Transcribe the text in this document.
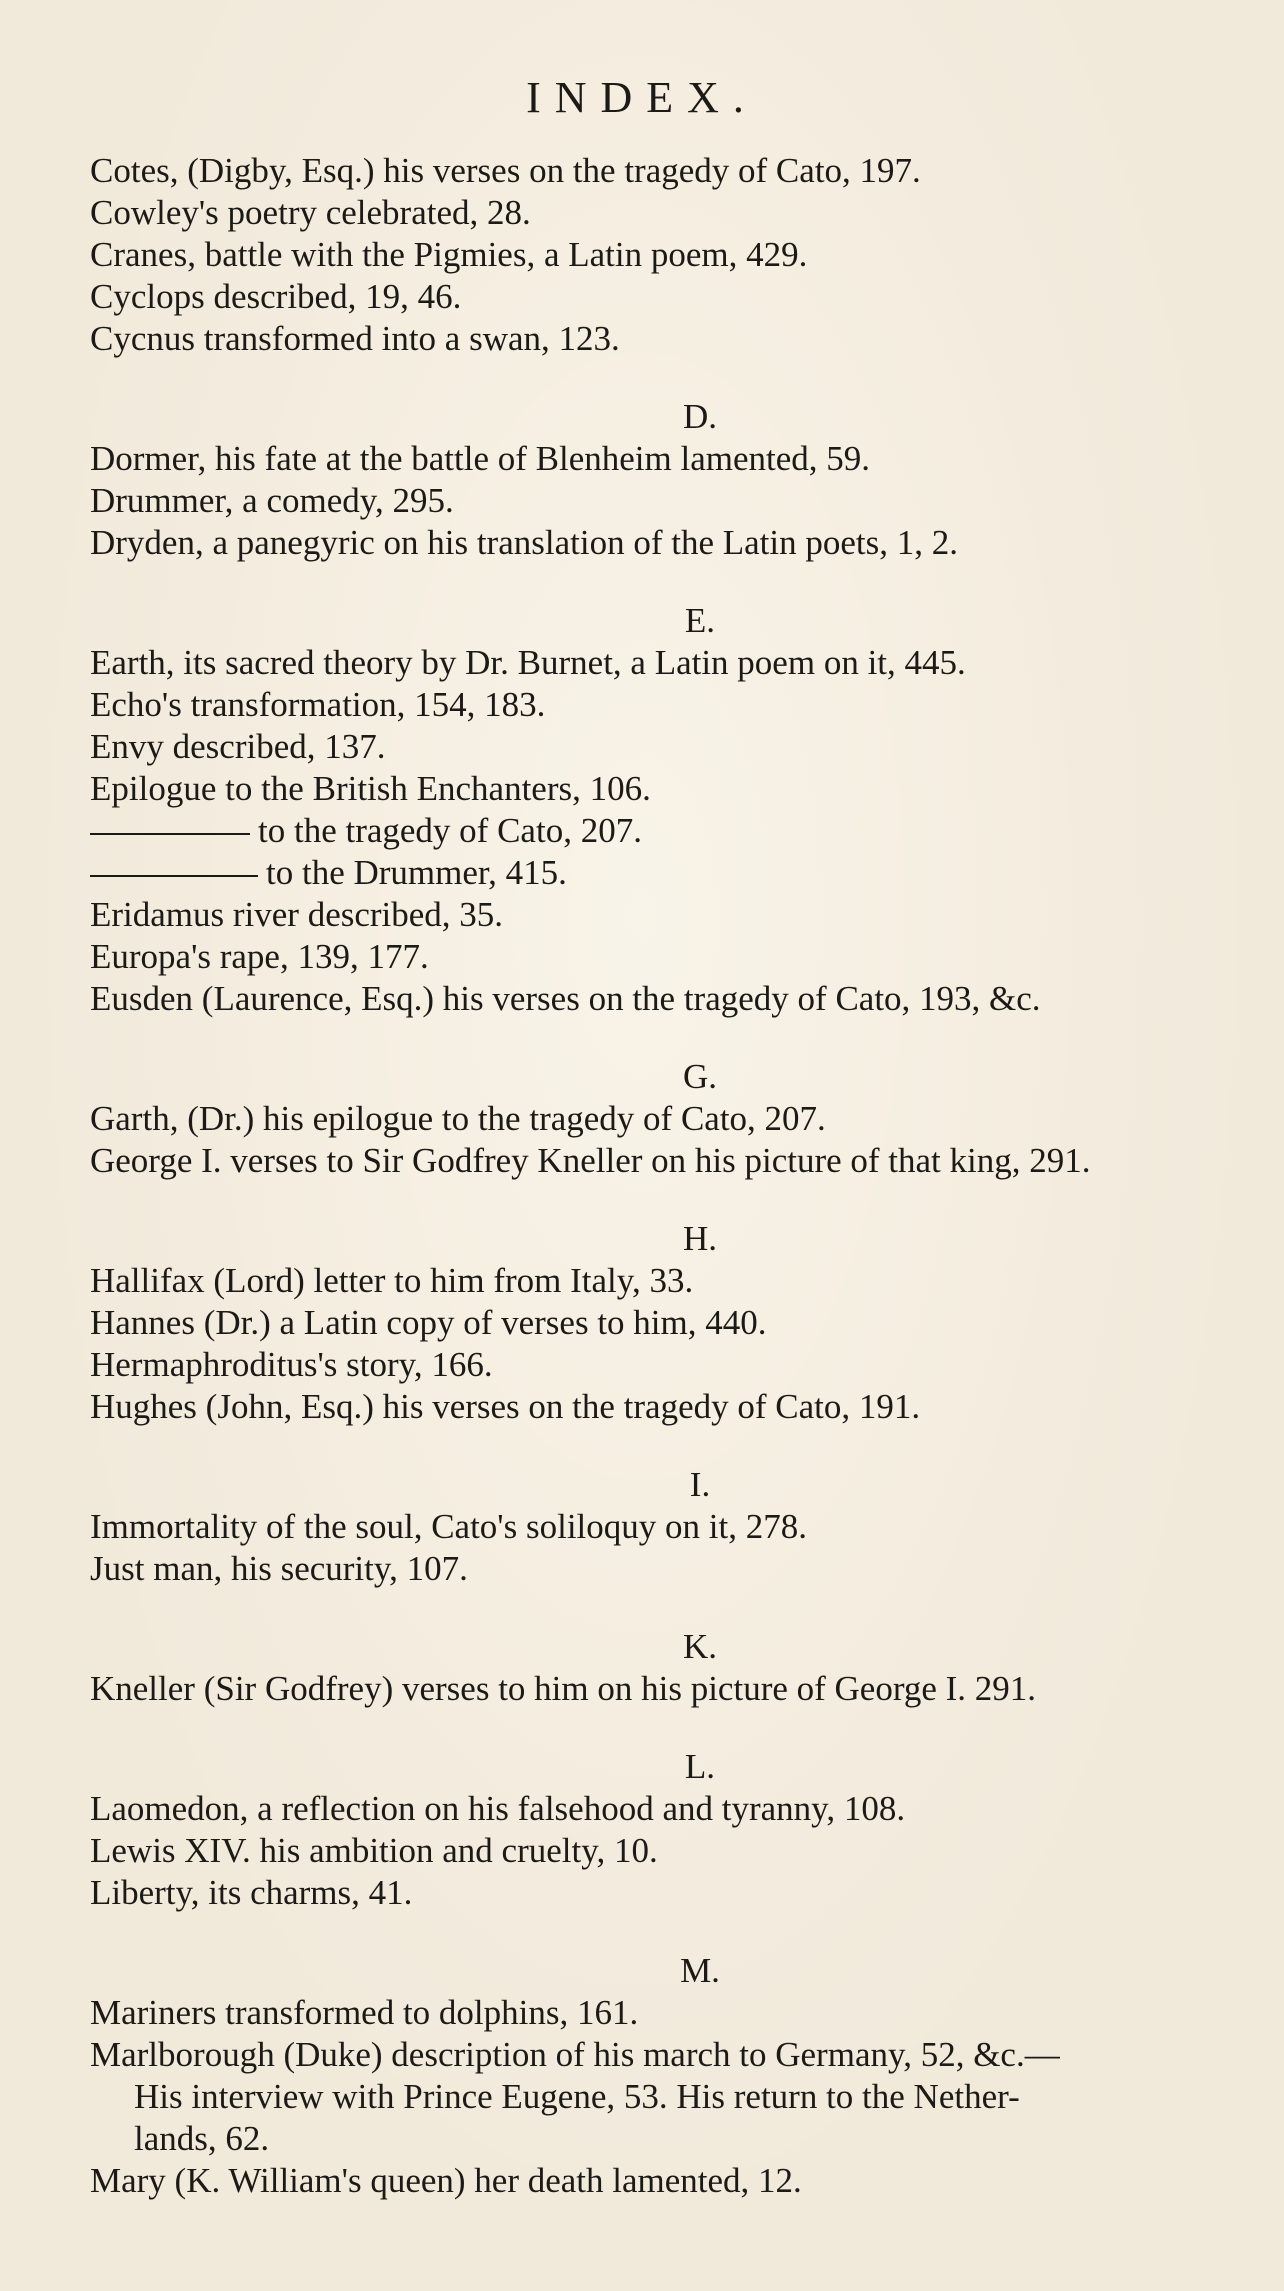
INDEX.
Cotes, (Digby, Esq.) his verses on the tragedy of Cato, 197.
Cowley's poetry celebrated, 28.
Cranes, battle with the Pigmies, a Latin poem, 429.
Cyclops described, 19, 46.
Cycnus transformed into a swan, 123.
D.
Dormer, his fate at the battle of Blenheim lamented, 59.
Drummer, a comedy, 295.
Dryden, a panegyric on his translation of the Latin poets, 1, 2.
E.
Earth, its sacred theory by Dr. Burnet, a Latin poem on it, 445.
Echo's transformation, 154, 183.
Envy described, 137.
Epilogue to the British Enchanters, 106.
to the tragedy of Cato, 207.
to the Drummer, 415.
Eridamus river described, 35.
Europa's rape, 139, 177.
Eusden (Laurence, Esq.) his verses on the tragedy of Cato, 193, &c.
G.
Garth, (Dr.) his epilogue to the tragedy of Cato, 207.
George I. verses to Sir Godfrey Kneller on his picture of that king, 291.
H.
Hallifax (Lord) letter to him from Italy, 33.
Hannes (Dr.) a Latin copy of verses to him, 440.
Hermaphroditus's story, 166.
Hughes (John, Esq.) his verses on the tragedy of Cato, 191.
I.
Immortality of the soul, Cato's soliloquy on it, 278.
Just man, his security, 107.
K.
Kneller (Sir Godfrey) verses to him on his picture of George I. 291.
L.
Laomedon, a reflection on his falsehood and tyranny, 108.
Lewis XIV. his ambition and cruelty, 10.
Liberty, its charms, 41.
M.
Mariners transformed to dolphins, 161.
Marlborough (Duke) description of his march to Germany, 52, &c.—
His interview with Prince Eugene, 53. His return to the Nether-
lands, 62.
Mary (K. William's queen) her death lamented, 12.
